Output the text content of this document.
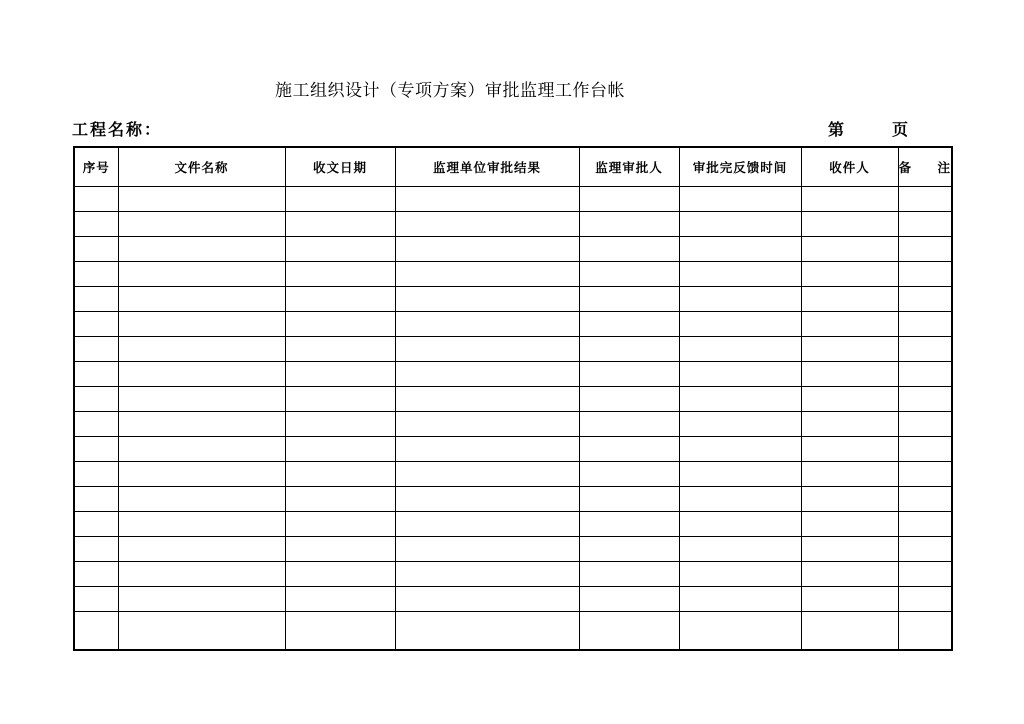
施工组织设计（专项方案）审批监理工作台帐
工程名称：	第	页
序号	文件名称	收文日期	监理单位审批结果	监理审批人	审批完反馈时间	收件人	备 注
